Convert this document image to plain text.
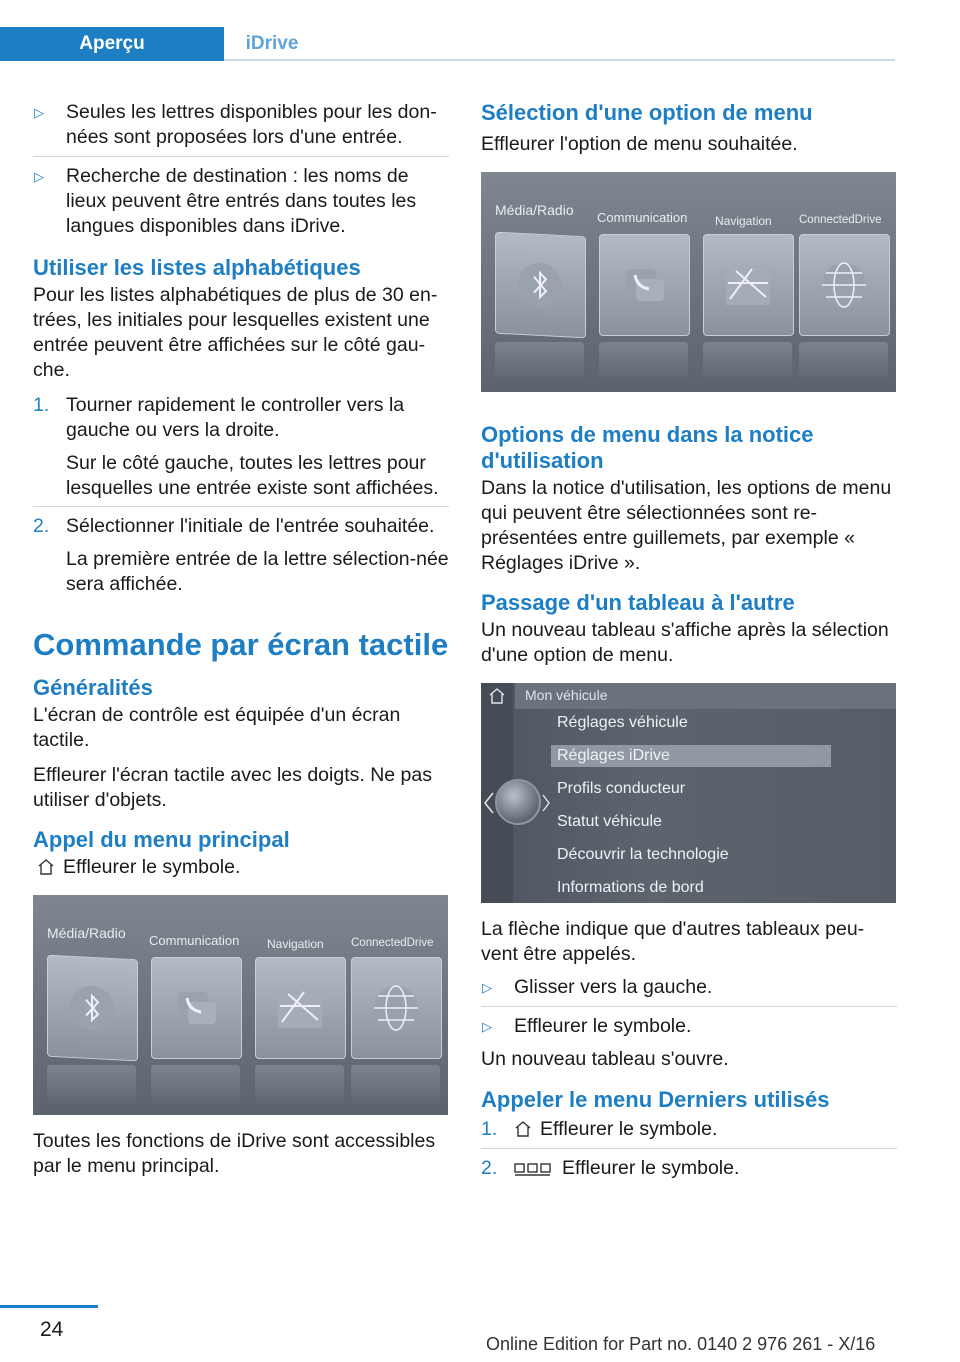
Aperçu	iDrive
▷ Seules les lettres disponibles pour les don‐nées sont proposées lors d'une entrée.
▷ Recherche de destination : les noms de lieux peuvent être entrés dans toutes les langues disponibles dans iDrive.
Utiliser les listes alphabétiques

Pour les listes alphabétiques de plus de 30 en‐trées, les initiales pour lesquelles existent une entrée peuvent être affichées sur le côté gau‐che.

1. Tourner rapidement le controller vers la gauche ou vers la droite.
Sur le côté gauche, toutes les lettres pour lesquelles une entrée existe sont affichées.
2. Sélectionner l'initiale de l'entrée souhaitée.
La première entrée de la lettre sélection‐née sera affichée.
Commande par écran tactile
Généralités

L'écran de contrôle est équipée d'un écran tactile.

Effleurer l'écran tactile avec les doigts. Ne pas utiliser d'objets.

Appel du menu principal

Effleurer le symbole.

Média/Radio Communication Navigation ConnectedDrive

Toutes les fonctions de iDrive sont accessibles par le menu principal.

Sélection d'une option de menu

Effleurer l'option de menu souhaitée.

Média/Radio Communication Navigation ConnectedDrive
Options de menu dans la notice d'utilisation

Dans la notice d'utilisation, les options de menu qui peuvent être sélectionnées sont re‐présentées entre guillemets, par exemple « Réglages iDrive ».

Passage d'un tableau à l'autre

Un nouveau tableau s'affiche après la sélection d'une option de menu.

Mon véhicule
Réglages véhicule
Réglages iDrive
Profils conducteur
Statut véhicule
Découvrir la technologie
Informations de bord

La flèche indique que d'autres tableaux peu‐vent être appelés.

▷ Glisser vers la gauche.
▷ Effleurer le symbole.

Un nouveau tableau s'ouvre.

Appeler le menu Derniers utilisés
1. Effleurer le symbole.
2.	Effleurer le symbole.
24
Online Edition for Part no. 0140 2 976 261 - X/16
